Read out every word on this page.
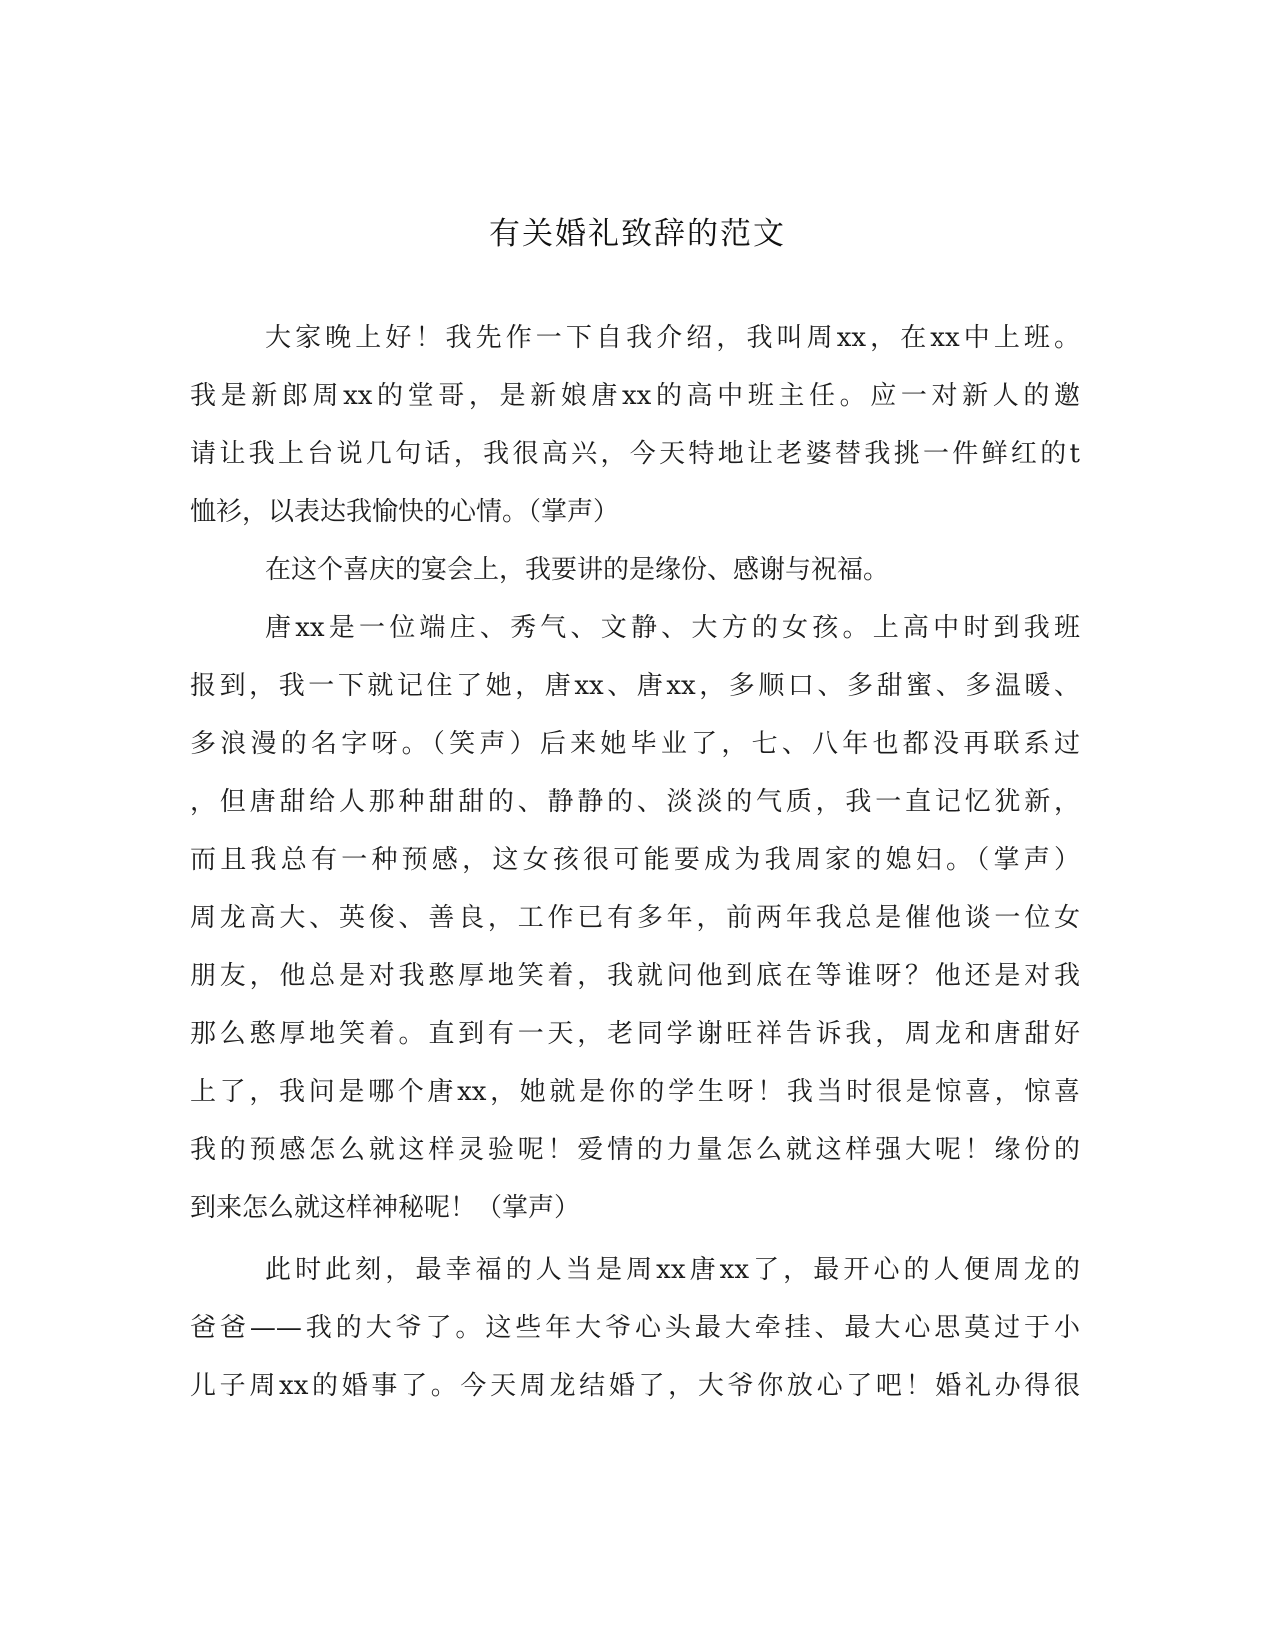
有关婚礼致辞的范文
大家晚上好！我先作一下自我介绍，我叫周xx，在xx中上班。
我是新郎周xx的堂哥，是新娘唐xx的高中班主任。应一对新人的邀
请让我上台说几句话，我很高兴，今天特地让老婆替我挑一件鲜红的t
恤衫，以表达我愉快的心情。（掌声）
在这个喜庆的宴会上，我要讲的是缘份、感谢与祝福。
唐xx是一位端庄、秀气、文静、大方的女孩。上高中时到我班
报到，我一下就记住了她，唐xx、唐xx，多顺口、多甜蜜、多温暖、
多浪漫的名字呀。（笑声）后来她毕业了，七、八年也都没再联系过
，但唐甜给人那种甜甜的、静静的、淡淡的气质，我一直记忆犹新，
而且我总有一种预感，这女孩很可能要成为我周家的媳妇。（掌声）
周龙高大、英俊、善良，工作已有多年，前两年我总是催他谈一位女
朋友，他总是对我憨厚地笑着，我就问他到底在等谁呀？他还是对我
那么憨厚地笑着。直到有一天，老同学谢旺祥告诉我，周龙和唐甜好
上了，我问是哪个唐xx，她就是你的学生呀！我当时很是惊喜，惊喜
我的预感怎么就这样灵验呢！爱情的力量怎么就这样强大呢！缘份的
到来怎么就这样神秘呢！（掌声）
此时此刻，最幸福的人当是周xx唐xx了，最开心的人便周龙的
爸爸——我的大爷了。这些年大爷心头最大牵挂、最大心思莫过于小
儿子周xx的婚事了。今天周龙结婚了，大爷你放心了吧！婚礼办得很
